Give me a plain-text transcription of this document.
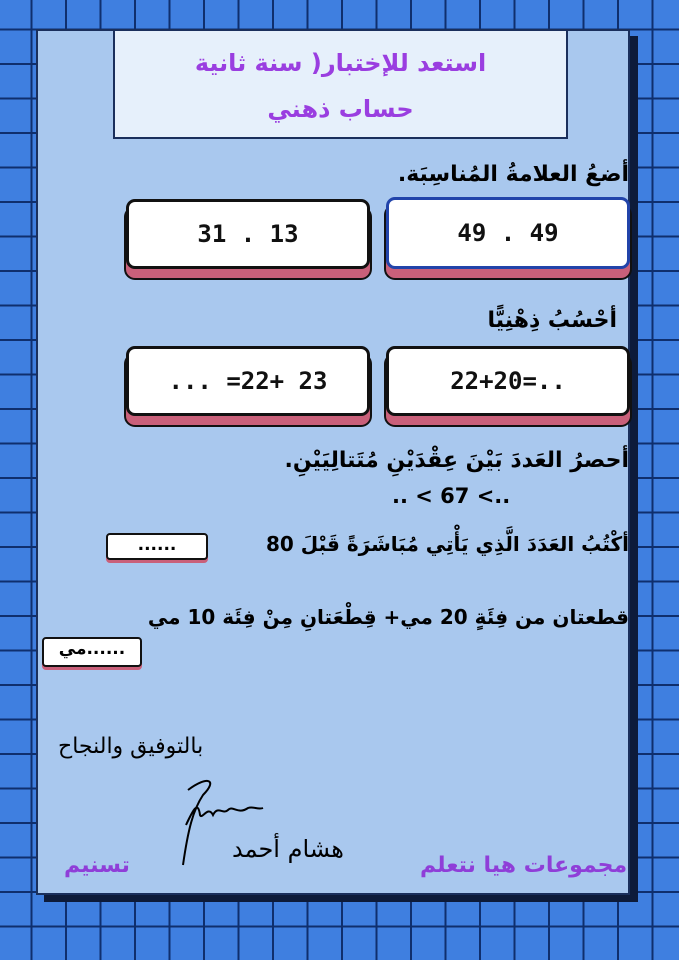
استعد للإختبار( سنة ثانية
حساب ذهني
أضعُ العلامةُ المُناسِبَة.
31 . 13	49 . 49
أحْسُبُ ذِهْنِيًّا
... =22+ 23	22+20=..
أحصرُ العَددَ بَيْنَ عِقْدَيْنِ مُتَتالِيَيْنِ.
.. < 67 <..
أكْتُبُ العَدَدَ الَّذِي يَأْتِي مُبَاشَرَةً قَبْلَ 80
......
قطعتان من فِئَةٍ 20 مي+ قِطْعَتانِ مِنْ فِئَة 10 مي
......مي
بالتوفيق والنجاح
هشام أحمد
مجموعات هيا نتعلم
تسنيم
